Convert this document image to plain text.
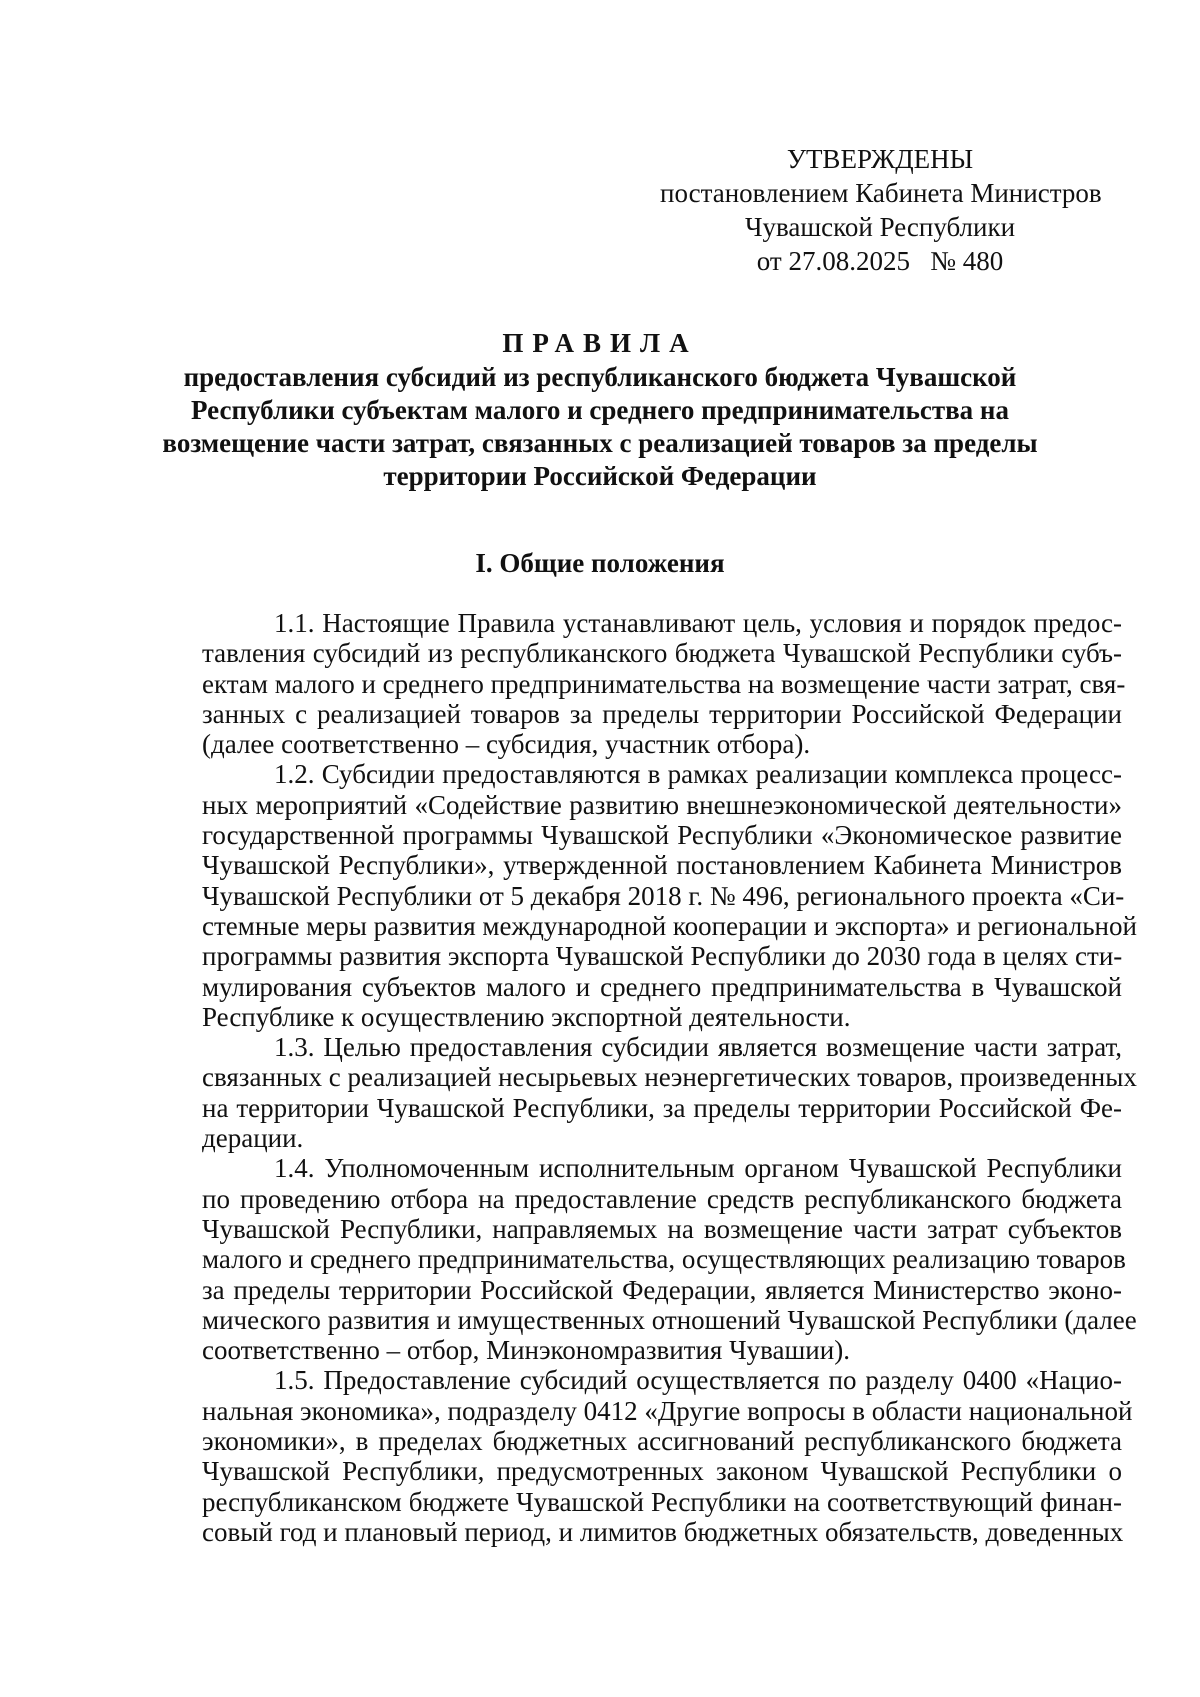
УТВЕРЖДЕНЫ
постановлением Кабинета Министров
Чувашской Республики
от 27.08.2025   № 480
ПРАВИЛА
предоставления субсидий из республиканского бюджета Чувашской
Республики субъектам малого и среднего предпринимательства на
возмещение части затрат, связанных с реализацией товаров за пределы
территории Российской Федерации
I. Общие положения
1.1. Настоящие Правила устанавливают цель, условия и порядок предос-
тавления субсидий из республиканского бюджета Чувашской Республики субъ-
ектам малого и среднего предпринимательства на возмещение части затрат, свя-
занных с реализацией товаров за пределы территории Российской Федерации
(далее соответственно – субсидия, участник отбора).
1.2. Субсидии предоставляются в рамках реализации комплекса процесс-
ных мероприятий «Содействие развитию внешнеэкономической деятельности»
государственной программы Чувашской Республики «Экономическое развитие
Чувашской Республики», утвержденной постановлением Кабинета Министров
Чувашской Республики от 5 декабря 2018 г. № 496, регионального проекта «Си-
стемные меры развития международной кооперации и экспорта» и региональной
программы развития экспорта Чувашской Республики до 2030 года в целях сти-
мулирования субъектов малого и среднего предпринимательства в Чувашской
Республике к осуществлению экспортной деятельности.
1.3. Целью предоставления субсидии является возмещение части затрат,
связанных с реализацией несырьевых неэнергетических товаров, произведенных
на территории Чувашской Республики, за пределы территории Российской Фе-
дерации.
1.4. Уполномоченным исполнительным органом Чувашской Республики
по проведению отбора на предоставление средств республиканского бюджета
Чувашской Республики, направляемых на возмещение части затрат субъектов
малого и среднего предпринимательства, осуществляющих реализацию товаров
за пределы территории Российской Федерации, является Министерство эконо-
мического развития и имущественных отношений Чувашской Республики (далее
соответственно – отбор, Минэкономразвития Чувашии).
1.5. Предоставление субсидий осуществляется по разделу 0400 «Нацио-
нальная экономика», подразделу 0412 «Другие вопросы в области национальной
экономики», в пределах бюджетных ассигнований республиканского бюджета
Чувашской Республики, предусмотренных законом Чувашской Республики о
республиканском бюджете Чувашской Республики на соответствующий финан-
совый год и плановый период, и лимитов бюджетных обязательств, доведенных
